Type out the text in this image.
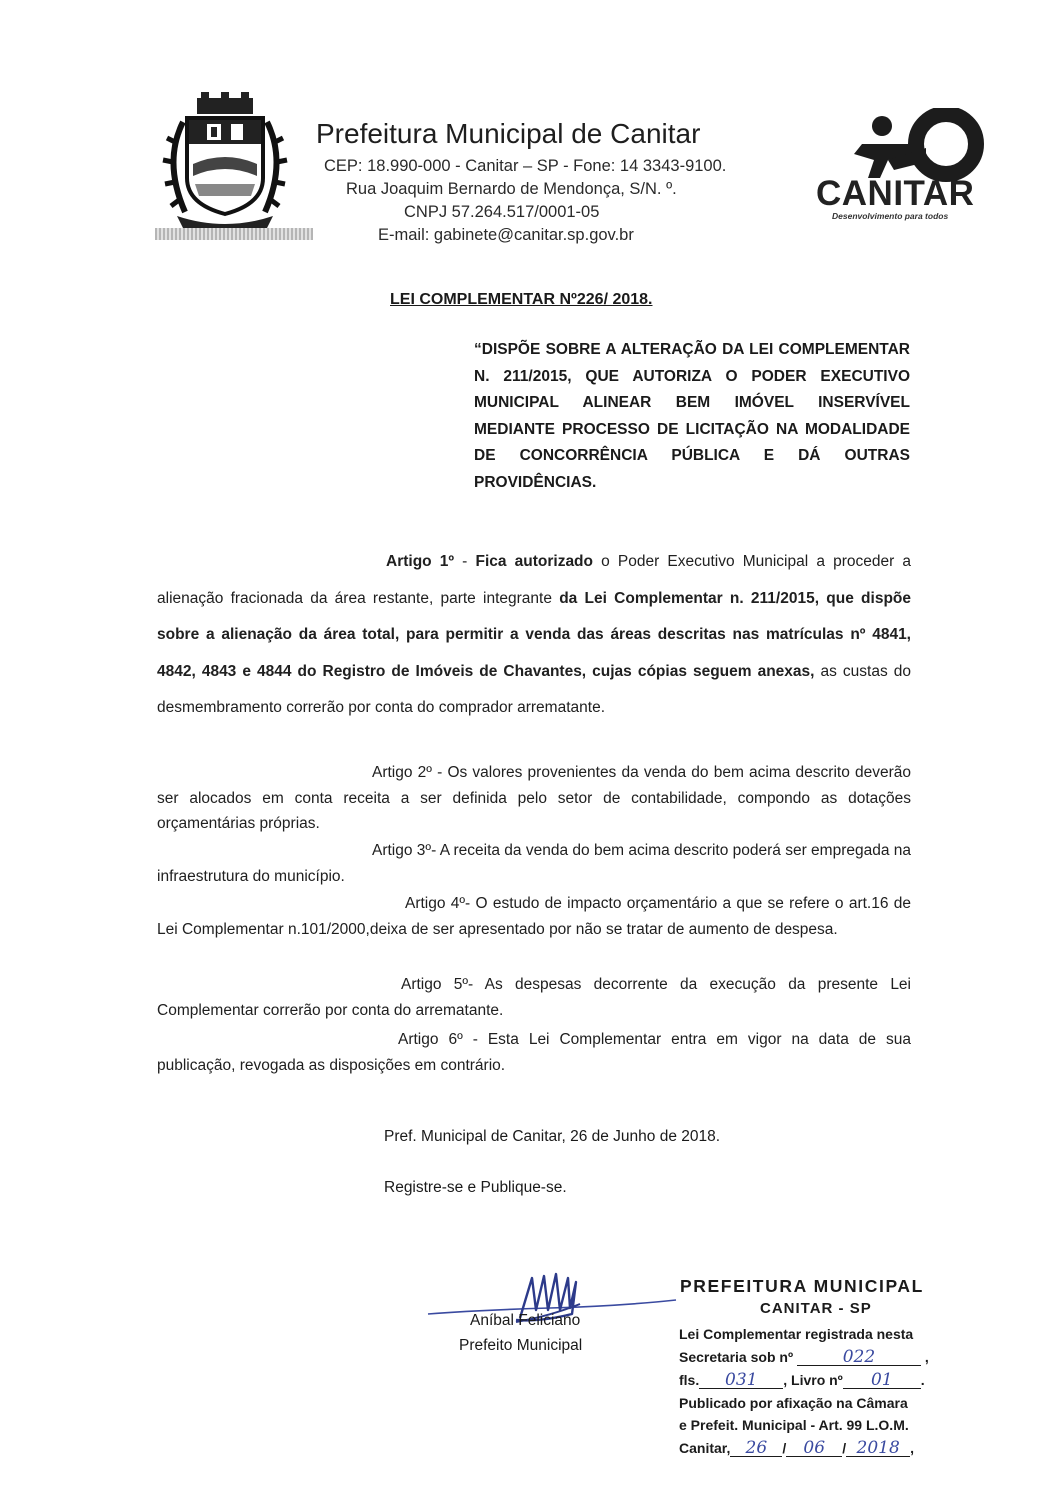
Prefeitura Municipal de Canitar
CEP: 18.990-000 - Canitar – SP - Fone: 14 3343-9100.
Rua Joaquim Bernardo de Mendonça, S/N. º.
CNPJ 57.264.517/0001-05
E-mail: gabinete@canitar.sp.gov.br
CANITAR
Desenvolvimento para todos
LEI COMPLEMENTAR Nº226/ 2018.
“DISPÕE SOBRE A ALTERAÇÃO DA LEI COMPLEMENTAR N. 211/2015, QUE AUTORIZA O PODER EXECUTIVO MUNICIPAL ALINEAR BEM IMÓVEL INSERVÍVEL MEDIANTE PROCESSO DE LICITAÇÃO NA MODALIDADE DE CONCORRÊNCIA PÚBLICA E DÁ OUTRAS PROVIDÊNCIAS.
Artigo 1º - Fica autorizado o Poder Executivo Municipal a proceder a alienação fracionada da área restante, parte integrante da Lei Complementar n. 211/2015, que dispõe sobre a alienação da área total, para permitir a venda das áreas descritas nas matrículas nº 4841, 4842, 4843 e 4844 do Registro de Imóveis de Chavantes, cujas cópias seguem anexas, as custas do desmembramento correrão por conta do comprador arrematante.
Artigo 2º - Os valores provenientes da venda do bem acima descrito deverão ser alocados em conta receita a ser definida pelo setor de contabilidade, compondo as dotações orçamentárias próprias.
Artigo 3º- A receita da venda do bem acima descrito poderá ser empregada na infraestrutura do município.
Artigo 4º- O estudo de impacto orçamentário a que se refere o art.16 de Lei Complementar n.101/2000,deixa de ser apresentado por não se tratar de aumento de despesa.
Artigo 5º- As despesas decorrente da execução da presente Lei Complementar correrão por conta do arrematante.
Artigo 6º - Esta Lei Complementar entra em vigor na data de sua publicação, revogada as disposições em contrário.
Pref. Municipal de Canitar, 26 de Junho de 2018.
Registre-se e Publique-se.
Aníbal Feliciano
Prefeito Municipal
PREFEITURA MUNICIPAL
CANITAR - SP
Lei Complementar registrada nesta
Secretaria sob nº	022	,
fls. 031 , Livro nº 01 .
Publicado por afixação na Câmara
e Prefeit. Municipal - Art. 99 L.O.M.
Canitar, 26 / 06 / 2018 ,
